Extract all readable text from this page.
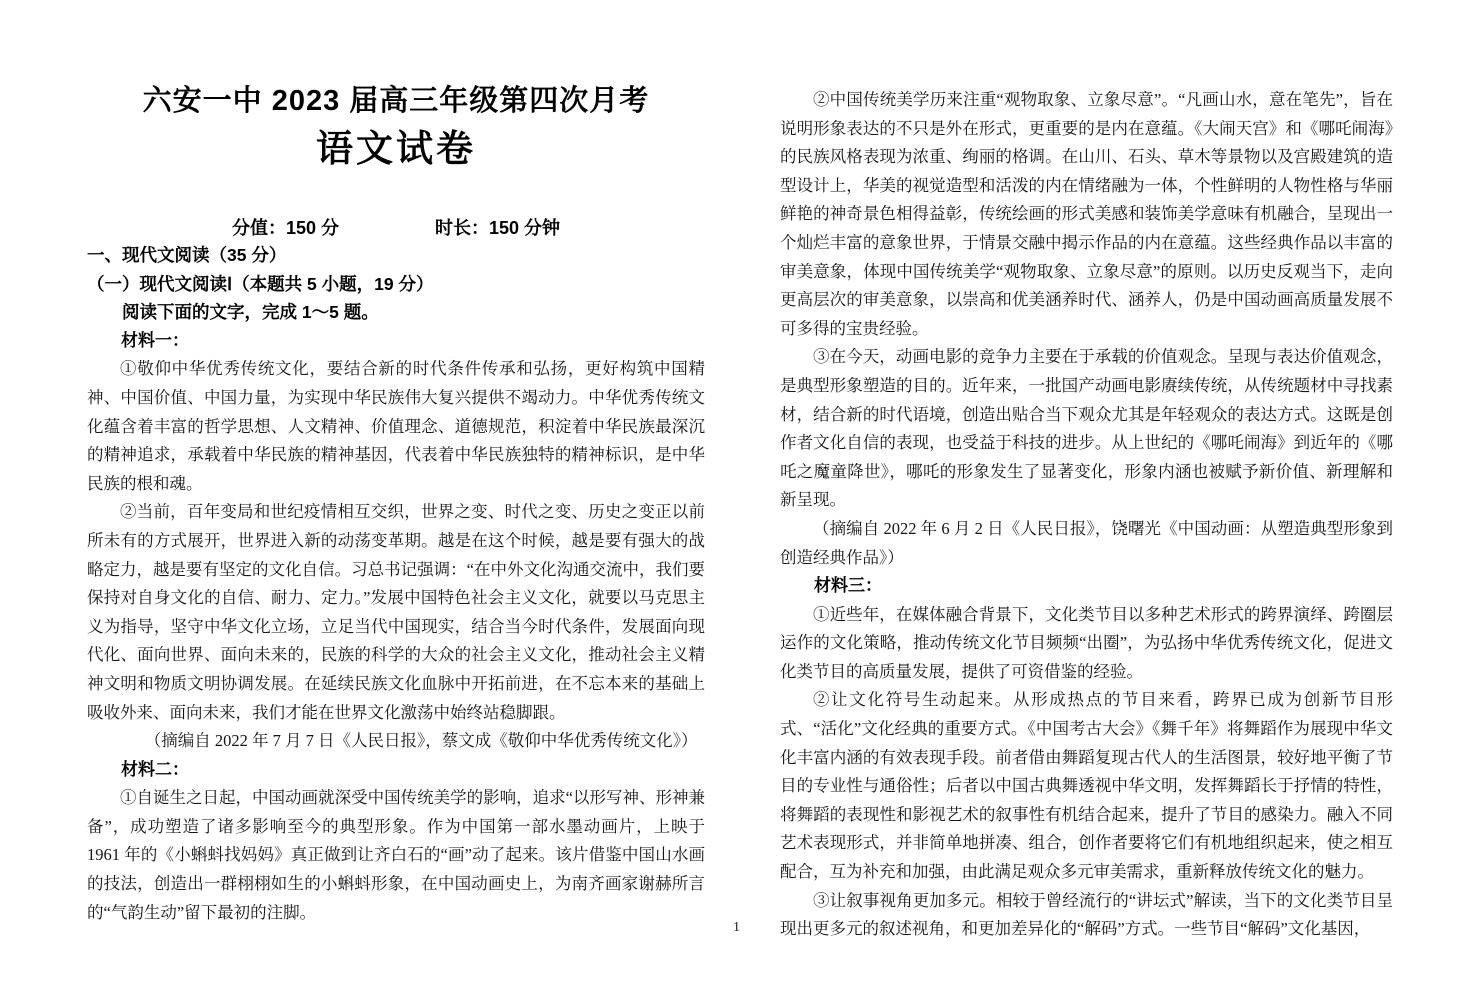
六安一中 2023 届高三年级第四次月考
语文试卷
分值：150 分	时长：150 分钟
一、现代文阅读（35 分）
（一）现代文阅读Ⅰ（本题共 5 小题，19 分）
阅读下面的文字，完成 1～5 题。
材料一：

①敬仰中华优秀传统文化，要结合新的时代条件传承和弘扬，更好构筑中国精神、中国价值、中国力量，为实现中华民族伟大复兴提供不竭动力。中华优秀传统文化蕴含着丰富的哲学思想、人文精神、价值理念、道德规范，积淀着中华民族最深沉的精神追求，承载着中华民族的精神基因，代表着中华民族独特的精神标识，是中华民族的根和魂。

②当前，百年变局和世纪疫情相互交织，世界之变、时代之变、历史之变正以前所未有的方式展开，世界进入新的动荡变革期。越是在这个时候，越是要有强大的战略定力，越是要有坚定的文化自信。习总书记强调：“在中外文化沟通交流中，我们要保持对自身文化的自信、耐力、定力。”发展中国特色社会主义文化，就要以马克思主义为指导，坚守中华文化立场，立足当代中国现实，结合当今时代条件，发展面向现代化、面向世界、面向未来的，民族的科学的大众的社会主义文化，推动社会主义精神文明和物质文明协调发展。在延续民族文化血脉中开拓前进，在不忘本来的基础上吸收外来、面向未来，我们才能在世界文化激荡中始终站稳脚跟。

（摘编自 2022 年 7 月 7 日《人民日报》，蔡文成《敬仰中华优秀传统文化》）

材料二：

①自诞生之日起，中国动画就深受中国传统美学的影响，追求“以形写神、形神兼备”，成功塑造了诸多影响至今的典型形象。作为中国第一部水墨动画片，上映于 1961 年的《小蝌蚪找妈妈》真正做到让齐白石的“画”动了起来。该片借鉴中国山水画的技法，创造出一群栩栩如生的小蝌蚪形象，在中国动画史上，为南齐画家谢赫所言的“气韵生动”留下最初的注脚。

②中国传统美学历来注重“观物取象、立象尽意”。“凡画山水，意在笔先”，旨在说明形象表达的不只是外在形式，更重要的是内在意蕴。《大闹天宫》和《哪吒闹海》的民族风格表现为浓重、绚丽的格调。在山川、石头、草木等景物以及宫殿建筑的造型设计上，华美的视觉造型和活泼的内在情绪融为一体，个性鲜明的人物性格与华丽鲜艳的神奇景色相得益彰，传统绘画的形式美感和装饰美学意味有机融合，呈现出一个灿烂丰富的意象世界，于情景交融中揭示作品的内在意蕴。这些经典作品以丰富的审美意象，体现中国传统美学“观物取象、立象尽意”的原则。以历史反观当下，走向更高层次的审美意象，以崇高和优美涵养时代、涵养人，仍是中国动画高质量发展不可多得的宝贵经验。

③在今天，动画电影的竞争力主要在于承载的价值观念。呈现与表达价值观念，是典型形象塑造的目的。近年来，一批国产动画电影赓续传统，从传统题材中寻找素材，结合新的时代语境，创造出贴合当下观众尤其是年轻观众的表达方式。这既是创作者文化自信的表现，也受益于科技的进步。从上世纪的《哪吒闹海》到近年的《哪吒之魔童降世》，哪吒的形象发生了显著变化，形象内涵也被赋予新价值、新理解和新呈现。

（摘编自 2022 年 6 月 2 日《人民日报》，饶曙光《中国动画：从塑造典型形象到创造经典作品》）

材料三：

①近些年，在媒体融合背景下，文化类节目以多种艺术形式的跨界演绎、跨圈层运作的文化策略，推动传统文化节目频频“出圈”，为弘扬中华优秀传统文化，促进文化类节目的高质量发展，提供了可资借鉴的经验。

②让文化符号生动起来。从形成热点的节目来看，跨界已成为创新节目形式、“活化”文化经典的重要方式。《中国考古大会》《舞千年》将舞蹈作为展现中华文化丰富内涵的有效表现手段。前者借由舞蹈复现古代人的生活图景，较好地平衡了节目的专业性与通俗性；后者以中国古典舞透视中华文明，发挥舞蹈长于抒情的特性，将舞蹈的表现性和影视艺术的叙事性有机结合起来，提升了节目的感染力。融入不同艺术表现形式，并非简单地拼凑、组合，创作者要将它们有机地组织起来，使之相互配合，互为补充和加强，由此满足观众多元审美需求，重新释放传统文化的魅力。

③让叙事视角更加多元。相较于曾经流行的“讲坛式”解读，当下的文化类节目呈现出更多元的叙述视角，和更加差异化的“解码”方式。一些节目“解码”文化基因，

1
